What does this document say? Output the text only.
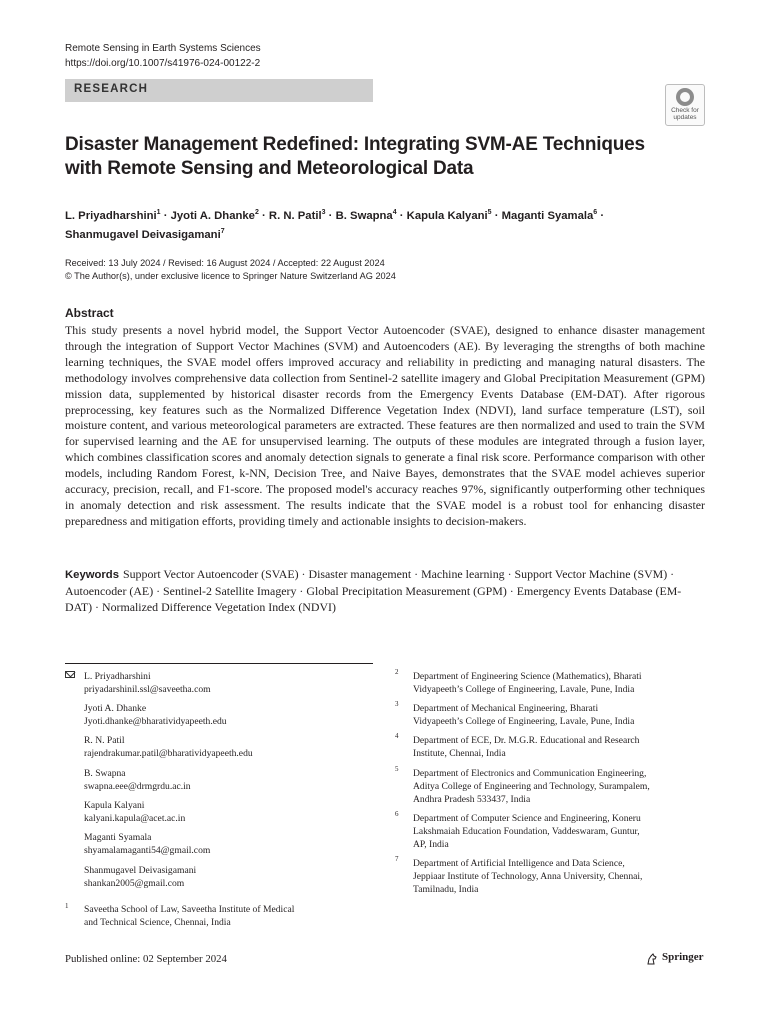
Remote Sensing in Earth Systems Sciences
https://doi.org/10.1007/s41976-024-00122-2
RESEARCH
Check for
updates
Disaster Management Redefined: Integrating SVM-AE Techniques
with Remote Sensing and Meteorological Data
L. Priyadharshini$^1$ · Jyoti A. Dhanke$^2$ · R. N. Patil$^3$ · B. Swapna$^4$ · Kapula Kalyani$^5$ · Maganti Syamala$^6$ ·
Shanmugavel Deivasigamani$^7$
Received: 13 July 2024 / Revised: 16 August 2024 / Accepted: 22 August 2024
© The Author(s), under exclusive licence to Springer Nature Switzerland AG 2024
Abstract
This study presents a novel hybrid model, the Support Vector Autoencoder (SVAE), designed to enhance disaster management through the integration of Support Vector Machines (SVM) and Autoencoders (AE). By leveraging the strengths of both machine learning techniques, the SVAE model offers improved accuracy and reliability in predicting and managing natural disasters. The methodology involves comprehensive data collection from Sentinel-2 satellite imagery and Global Precipitation Measurement (GPM) mission data, supplemented by historical disaster records from the Emergency Events Database (EM-DAT). After rigorous preprocessing, key features such as the Normalized Difference Vegetation Index (NDVI), land surface temperature (LST), soil moisture content, and various meteorological parameters are extracted. These features are then normalized and used to train the SVM for supervised learning and the AE for unsupervised learning. The outputs of these modules are integrated through a fusion layer, which combines classification scores and anomaly detection signals to generate a final risk score. Performance comparison with other models, including Random Forest, k-NN, Decision Tree, and Naive Bayes, demonstrates that the SVAE model achieves superior accuracy, precision, recall, and F1-score. The proposed model's accuracy reaches 97%, significantly outperforming other techniques in anomaly detection and risk assessment. The results indicate that the SVAE model is a robust tool for enhancing disaster preparedness and mitigation efforts, providing timely and actionable insights to decision-makers.
Keywords Support Vector Autoencoder (SVAE) · Disaster management · Machine learning · Support Vector Machine (SVM) · Autoencoder (AE) · Sentinel-2 Satellite Imagery · Global Precipitation Measurement (GPM) · Emergency Events Database (EM-DAT) · Normalized Difference Vegetation Index (NDVI)
L. Priyadharshini
priyadarshinil.ssl@saveetha.com
Jyoti A. Dhanke
Jyoti.dhanke@bharatividyapeeth.edu
R. N. Patil
rajendrakumar.patil@bharatividyapeeth.edu
B. Swapna
swapna.eee@drmgrdu.ac.in
Kapula Kalyani
kalyani.kapula@acet.ac.in
Maganti Syamala
shyamalamaganti54@gmail.com
Shanmugavel Deivasigamani
shankan2005@gmail.com
1 Saveetha School of Law, Saveetha Institute of Medical
and Technical Science, Chennai, India
2 Department of Engineering Science (Mathematics), Bharati
Vidyapeeth’s College of Engineering, Lavale, Pune, India
3 Department of Mechanical Engineering, Bharati
Vidyapeeth’s College of Engineering, Lavale, Pune, India
4 Department of ECE, Dr. M.G.R. Educational and Research
Institute, Chennai, India
5 Department of Electronics and Communication Engineering,
Aditya College of Engineering and Technology, Surampalem,
Andhra Pradesh 533437, India
6 Department of Computer Science and Engineering, Koneru
Lakshmaiah Education Foundation, Vaddeswaram, Guntur,
AP, India
7 Department of Artificial Intelligence and Data Science,
Jeppiaar Institute of Technology, Anna University, Chennai,
Tamilnadu, India
Published online: 02 September 2024	Springer
